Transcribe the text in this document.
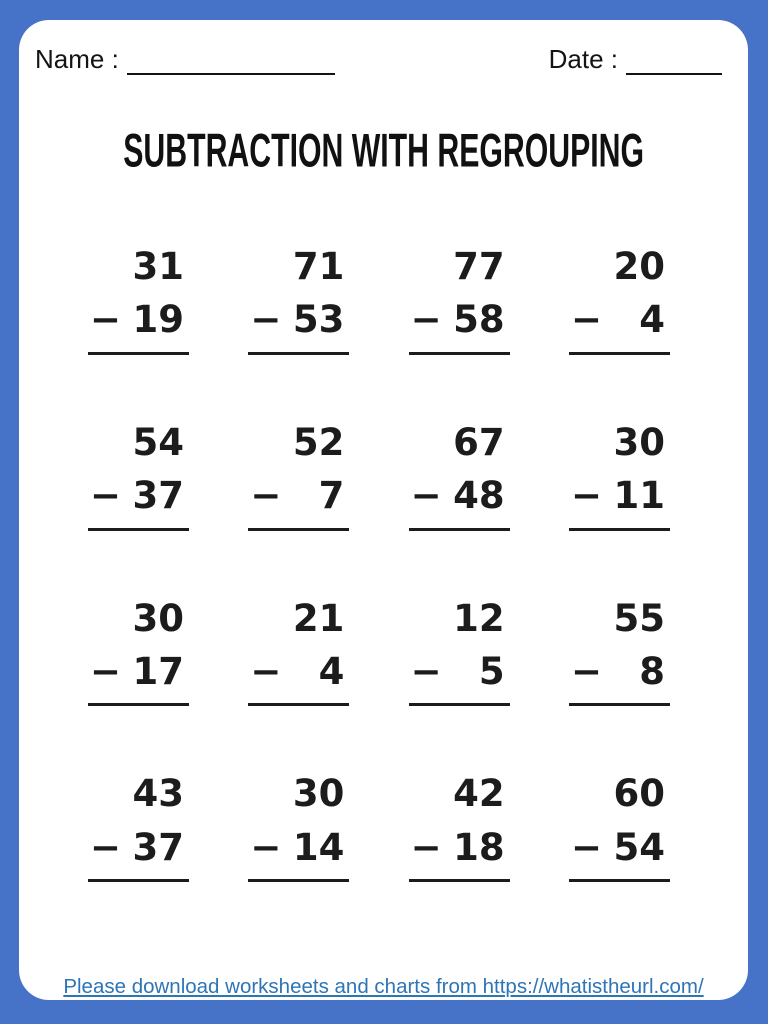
Name :	Date :
SUBTRACTION WITH REGROUPING
31
− 19
71
− 53
77
− 58
20
− 4
54
− 37
52
− 7
67
− 48
30
− 11
30
− 17
21
− 4
12
− 5
55
− 8
43
− 37
30
− 14
42
− 18
60
− 54
Please download worksheets and charts from https://whatistheurl.com/
